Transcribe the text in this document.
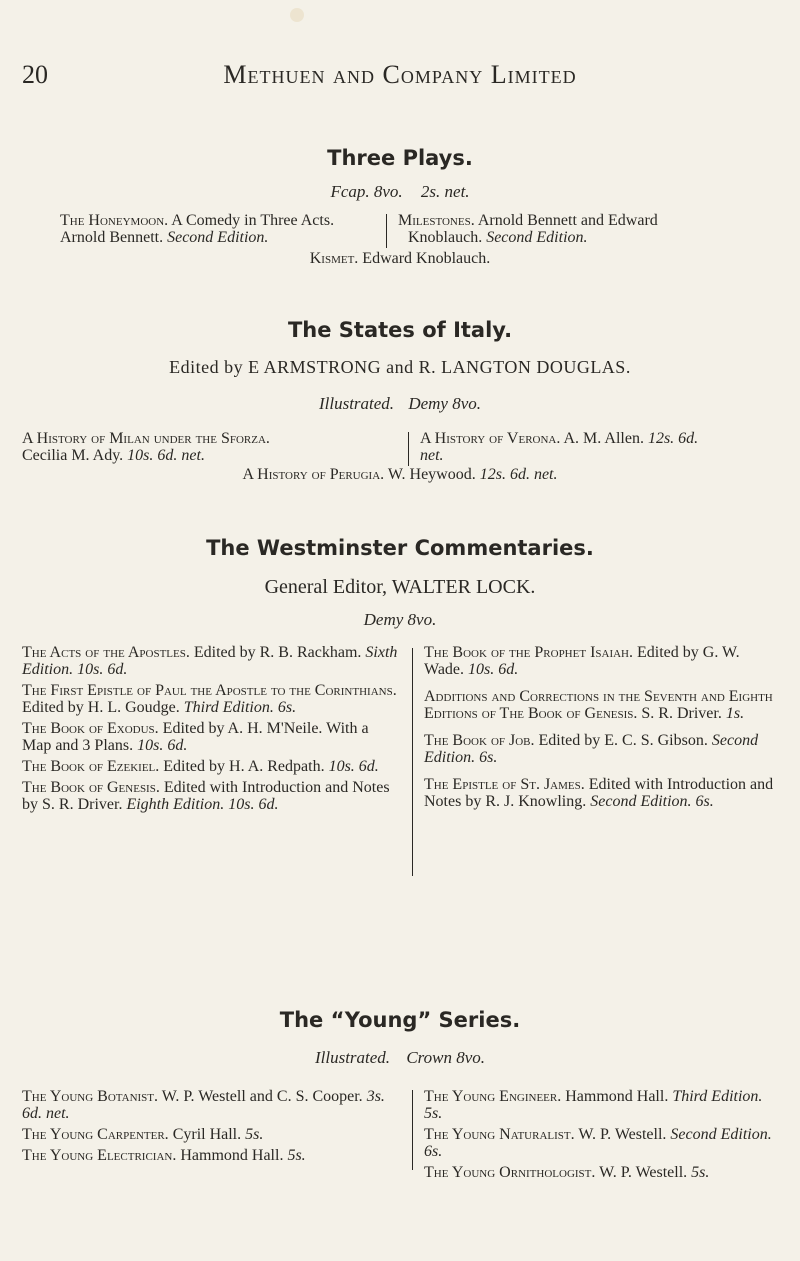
20	Methuen and Company Limited
Three Plays.
Fcap. 8vo. 2s. net.
The Honeymoon. A Comedy in Three Acts.
Arnold Bennett. Second Edition.
Milestones. Arnold Bennett and Edward
Knoblauch. Second Edition.
Kismet. Edward Knoblauch.
The States of Italy.
Edited by E ARMSTRONG and R. LANGTON DOUGLAS.
Illustrated. Demy 8vo.
A History of Milan under the Sforza.
Cecilia M. Ady. 10s. 6d. net.
A History of Verona. A. M. Allen. 12s. 6d.
net.
A History of Perugia. W. Heywood. 12s. 6d. net.
The Westminster Commentaries.
General Editor, WALTER LOCK.
Demy 8vo.
The Acts of the Apostles. Edited by R. B. Rackham. Sixth Edition. 10s. 6d.
The First Epistle of Paul the Apostle to the Corinthians. Edited by H. L. Goudge. Third Edition. 6s.
The Book of Exodus. Edited by A. H. M'Neile. With a Map and 3 Plans. 10s. 6d.
The Book of Ezekiel. Edited by H. A. Redpath. 10s. 6d.
The Book of Genesis. Edited with Introduction and Notes by S. R. Driver. Eighth Edition. 10s. 6d.
The Book of the Prophet Isaiah. Edited by G. W. Wade. 10s. 6d.
Additions and Corrections in the Seventh and Eighth Editions of The Book of Genesis. S. R. Driver. 1s.
The Book of Job. Edited by E. C. S. Gibson. Second Edition. 6s.
The Epistle of St. James. Edited with Introduction and Notes by R. J. Knowling. Second Edition. 6s.
The “Young” Series.
Illustrated. Crown 8vo.
The Young Botanist. W. P. Westell and C. S. Cooper. 3s. 6d. net.
The Young Carpenter. Cyril Hall. 5s.
The Young Electrician. Hammond Hall. 5s.
The Young Engineer. Hammond Hall. Third Edition. 5s.
The Young Naturalist. W. P. Westell. Second Edition. 6s.
The Young Ornithologist. W. P. Westell. 5s.
